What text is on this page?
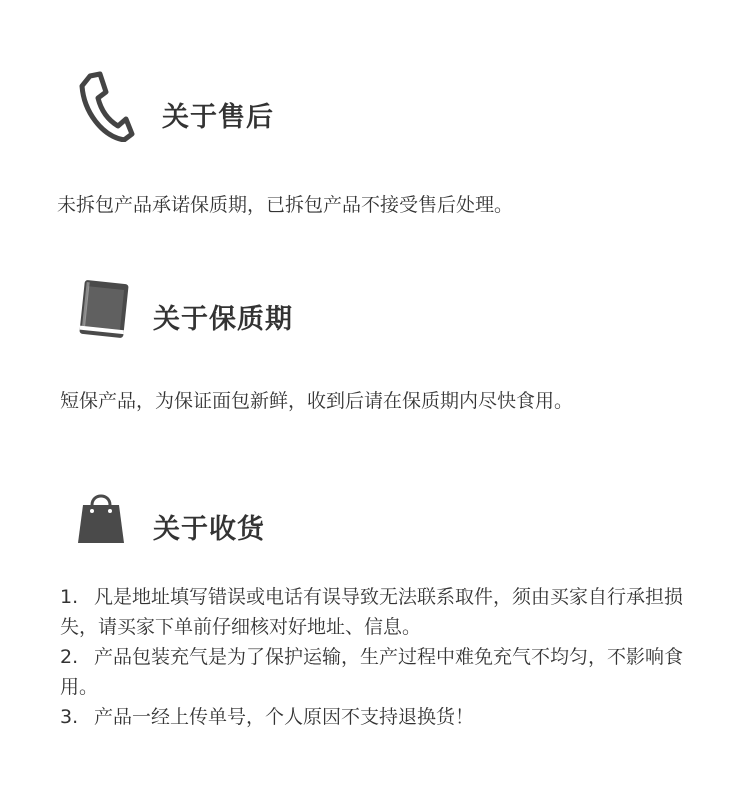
关于售后
未拆包产品承诺保质期，已拆包产品不接受售后处理。
关于保质期
短保产品，为保证面包新鲜，收到后请在保质期内尽快食用。
关于收货
1. 凡是地址填写错误或电话有误导致无法联系取件，须由买家自行承担损失，请买家下单前仔细核对好地址、信息。
2. 产品包装充气是为了保护运输，生产过程中难免充气不均匀，不影响食用。
3. 产品一经上传单号，个人原因不支持退换货！
